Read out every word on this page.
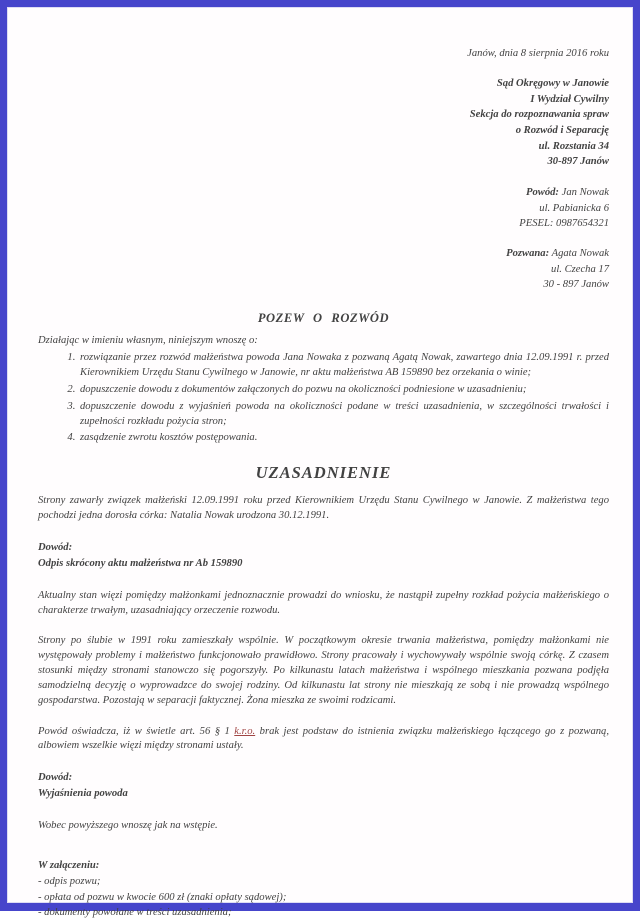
Janów, dnia 8 sierpnia 2016 roku
Sąd Okręgowy w Janowie
I Wydział Cywilny
Sekcja do rozpoznawania spraw
o Rozwód i Separację
ul. Rozstania 34
30-897 Janów
Powód: Jan Nowak
ul. Pabianicka 6
PESEL: 0987654321
Pozwana: Agata Nowak
ul. Czecha 17
30 - 897 Janów
POZEW O ROZWÓD
Działając w imieniu własnym, niniejszym wnoszę o:
1. rozwiązanie przez rozwód małżeństwa powoda Jana Nowaka z pozwaną Agatą Nowak, zawartego dnia 12.09.1991 r. przed Kierownikiem Urzędu Stanu Cywilnego w Janowie, nr aktu małżeństwa AB 159890 bez orzekania o winie;
2. dopuszczenie dowodu z dokumentów załączonych do pozwu na okoliczności podniesione w uzasadnieniu;
3. dopuszczenie dowodu z wyjaśnień powoda na okoliczności podane w treści uzasadnienia, w szczególności trwałości i zupełności rozkładu pożycia stron;
4. zasądzenie zwrotu kosztów postępowania.
UZASADNIENIE

Strony zawarły związek małżeński 12.09.1991 roku przed Kierownikiem Urzędu Stanu Cywilnego w Janowie. Z małżeństwa tego pochodzi jedna dorosła córka: Natalia Nowak urodzona 30.12.1991.

Dowód:
Odpis skrócony aktu małżeństwa nr Ab 159890

Aktualny stan więzi pomiędzy małżonkami jednoznacznie prowadzi do wniosku, że nastąpił zupełny rozkład pożycia małżeńskiego o charakterze trwałym, uzasadniający orzeczenie rozwodu.

Strony po ślubie w 1991 roku zamieszkały wspólnie. W początkowym okresie trwania małżeństwa, pomiędzy małżonkami nie występowały problemy i małżeństwo funkcjonowało prawidłowo. Strony pracowały i wychowywały wspólnie swoją córkę. Z czasem stosunki między stronami stanowczo się pogorszyły. Po kilkunastu latach małżeństwa i wspólnego mieszkania pozwana podjęła samodzielną decyzję o wyprowadzce do swojej rodziny. Od kilkunastu lat strony nie mieszkają ze sobą i nie prowadzą wspólnego gospodarstwa. Pozostają w separacji faktycznej. Żona mieszka ze swoimi rodzicami.

Powód oświadcza, iż w świetle art. 56 § 1 k.r.o. brak jest podstaw do istnienia związku małżeńskiego łączącego go z pozwaną, albowiem wszelkie więzi między stronami ustały.

Dowód:
Wyjaśnienia powoda
Wobec powyższego wnoszę jak na wstępie.
W załączeniu:
- odpis pozwu;
- opłata od pozwu w kwocie 600 zł (znaki opłaty sądowej);
- dokumenty powołane w treści uzasadnienia;
